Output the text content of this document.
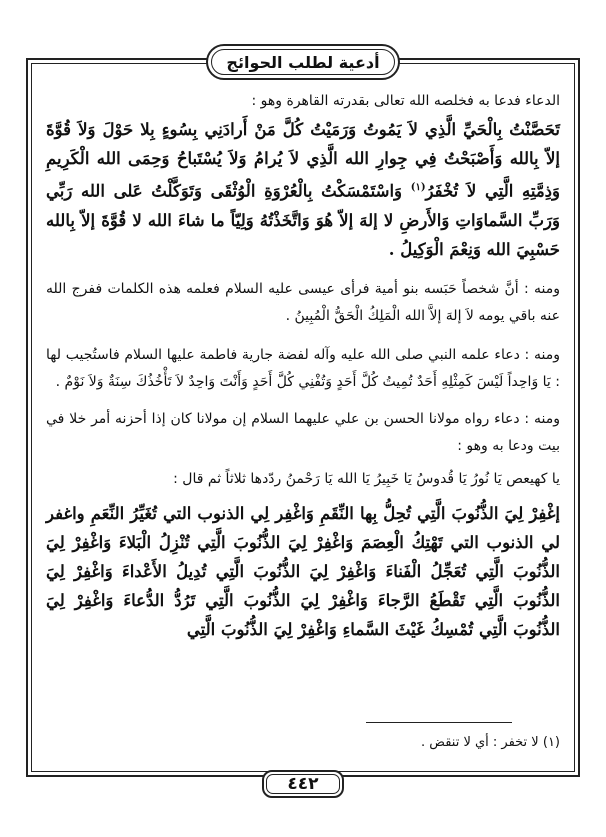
أدعية لطلب الحوائج

الدعاء فدعا به فخلصه الله تعالى بقدرته القاهرة وهو :

تَحَصَّنْتُ بِالْحَيِّ الَّذِي لاَ يَمُوتُ وَرَمَيْتُ كُلَّ مَنْ أَرادَنِي بِسُوءٍ بِلا حَوْلَ وَلاَ قُوَّةَ إلاّ بِالله وَأَصْبَحْتُ فِي جِوارِ الله الَّذِي لاَ يُرامُ وَلاَ يُسْتَباحُ وَحِمَى الله الْكَرِيمِ وَذِمَّتِهِ الَّتِي لاَ تُخْفَرُ$^{(١)}$ وَاسْتَمْسَكْتُ بِالْعُرْوَةِ الْوُثْقَى وَتَوَكَّلْتُ عَلى الله رَبِّي وَرَبِّ السَّماوَاتِ وَالأَرضِ لا إلهَ إلاّ هُوَ وَاتَّخَذْتُهُ وَلِيّاً ما شاءَ الله لا قُوَّةَ إلاّ بِالله حَسْبِيَ الله وَنِعْمَ الْوَكِيلُ .

ومنه : أنَّ شخصاً حَبَسه بنو أمية فرأى عيسى عليه السلام فعلمه هذه الكلمات ففرج الله عنه باقي يومه لاَ إلهَ إلاَّ الله الْمَلِكُ الْحَقُّ الْمُبِينُ .

ومنه : دعاء علمه النبي صلى الله عليه وآله لفضة جارية فاطمة عليها السلام فاستُجيب لها : يَا وَاحِداً لَيْسَ كَمِثْلِهِ أَحَدٌ تُمِيتُ كُلَّ أَحَدٍ وَتُفْنِي كُلَّ أَحَدٍ وَأَنْتَ وَاحِدٌ لاَ تَأْخُذُكَ سِنَةٌ وَلاَ نَوْمٌ .

ومنه : دعاء رواه مولانا الحسن بن علي عليهما السلام إن مولانا كان إذا أحزنه أمر خلا في بيت ودعا به وهو :

يا كهيعص يَا نُورُ يَا قُدوسُ يَا خَبِيرُ يَا الله يَا رَحْمنُ ردّدها ثلاثاً ثم قال :

إغْفِرْ لِيَ الذُّنُوبَ الَّتِي تُحِلُّ بِها النِّقَمِ وَاغْفِر لِي الذنوب التي تُغَيِّرُ النِّعَمِ واغفر لي الذنوب التي تَهْتِكُ الْعِصَمَ وَاغْفِرْ لِيَ الذُّنُوبَ الَّتِي تُنْزِلُ الْبَلاءَ وَاغْفِرْ لِيَ الذُّنُوبَ الَّتِي تُعَجِّلُ الْفَناءَ وَاغْفِرْ لِيَ الذُّنُوبَ الَّتِي تُدِيلُ الأَعْداءَ وَاغْفِرْ لِيَ الذُّنُوبَ الَّتِي تَقْطَعُ الرَّجاءَ وَاغْفِرْ لِيَ الذُّنُوبَ الَّتِي تَرُدُّ الدُّعاءَ وَاغْفِرْ لِيَ الذُّنُوبَ الَّتِي تُمْسِكُ غَيْثَ السَّماءِ وَاغْفِرْ لِيَ الذُّنُوبَ الَّتِي

(١) لا تخفر : أي لا تنقض .
٤٤٢
